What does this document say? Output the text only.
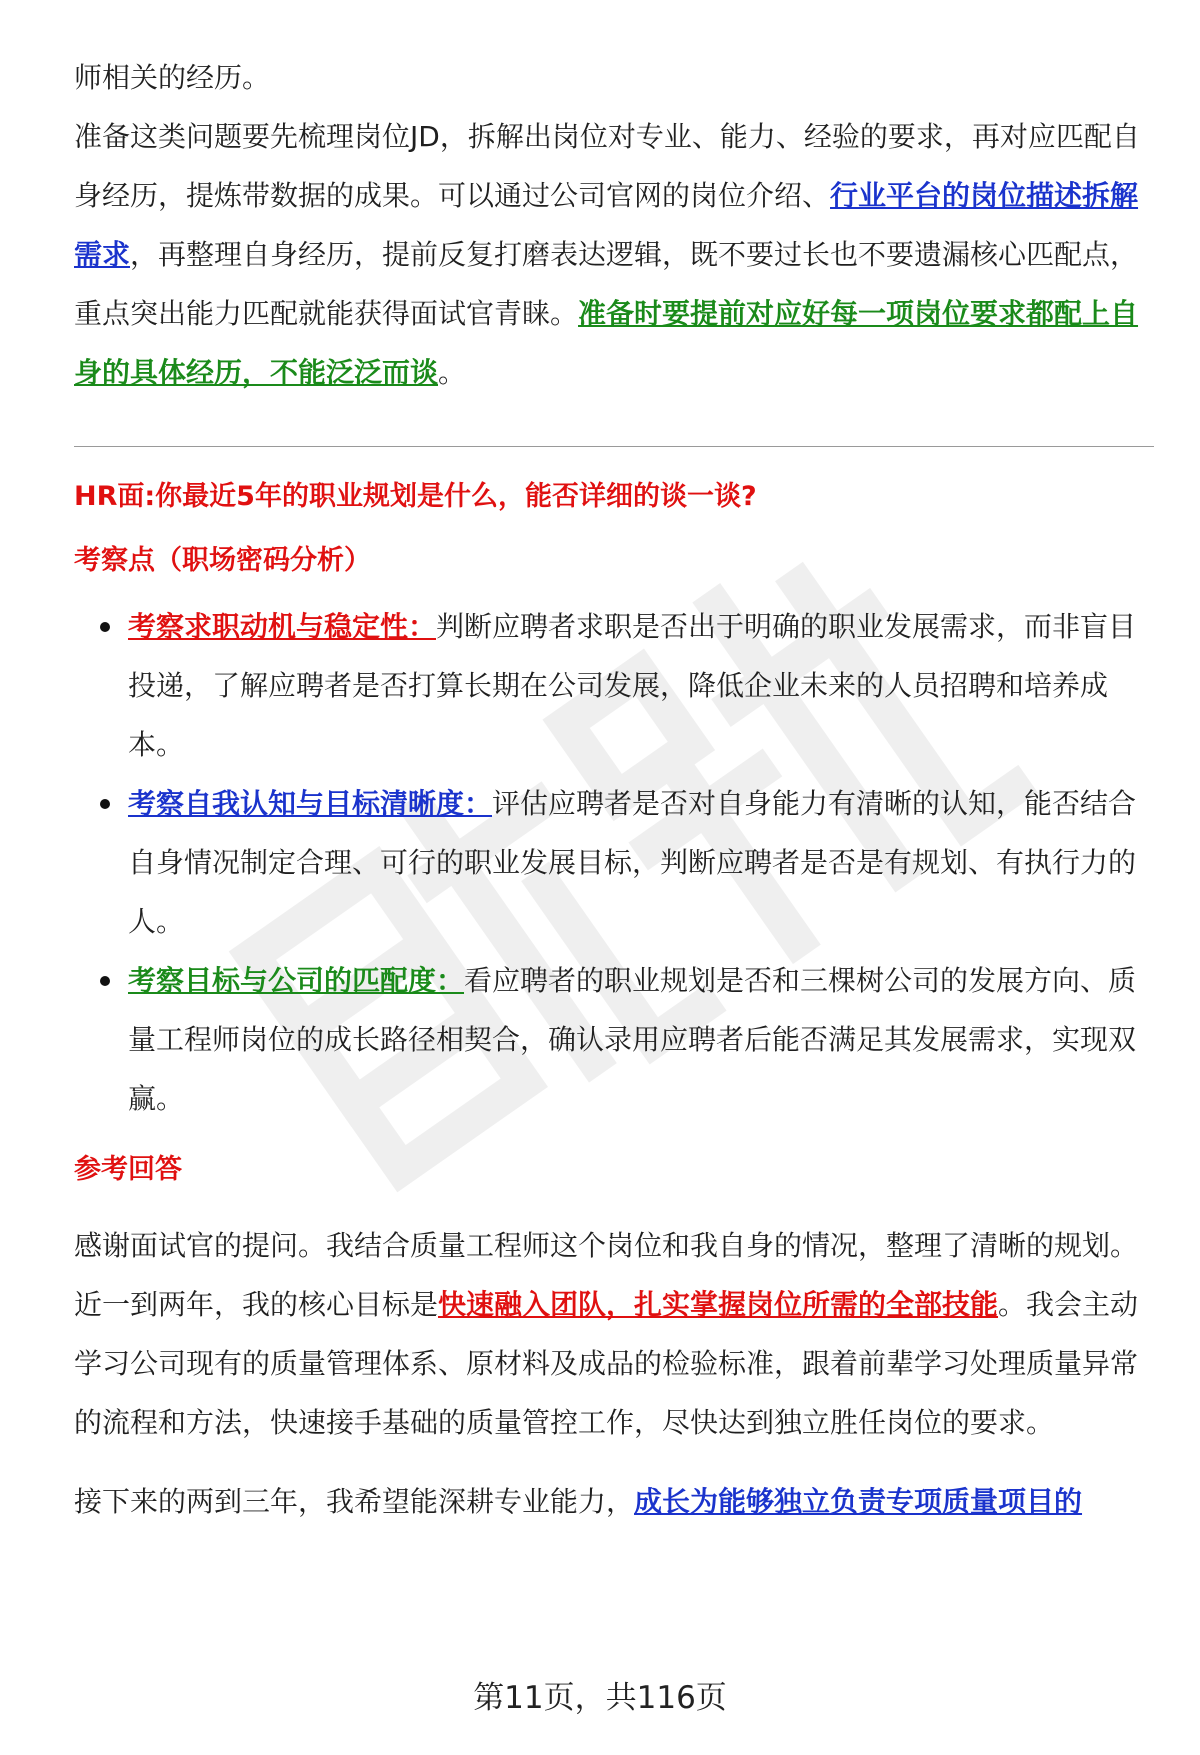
师相关的经历。

准备这类问题要先梳理岗位JD，拆解出岗位对专业、能力、经验的要求，再对应匹配自身经历，提炼带数据的成果。可以通过公司官网的岗位介绍、行业平台的岗位描述拆解需求，再整理自身经历，提前反复打磨表达逻辑，既不要过长也不要遗漏核心匹配点，重点突出能力匹配就能获得面试官青睐。准备时要提前对应好每一项岗位要求都配上自身的具体经历，不能泛泛而谈。

HR面:你最近5年的职业规划是什么，能否详细的谈一谈?

考察点（职场密码分析）

考察求职动机与稳定性：判断应聘者求职是否出于明确的职业发展需求，而非盲目投递，了解应聘者是否打算长期在公司发展，降低企业未来的人员招聘和培养成本。
考察自我认知与目标清晰度：评估应聘者是否对自身能力有清晰的认知，能否结合自身情况制定合理、可行的职业发展目标，判断应聘者是否是有规划、有执行力的人。
考察目标与公司的匹配度：看应聘者的职业规划是否和三棵树公司的发展方向、质量工程师岗位的成长路径相契合，确认录用应聘者后能否满足其发展需求，实现双赢。

参考回答

感谢面试官的提问。我结合质量工程师这个岗位和我自身的情况，整理了清晰的规划。近一到两年，我的核心目标是快速融入团队，扎实掌握岗位所需的全部技能。我会主动学习公司现有的质量管理体系、原材料及成品的检验标准，跟着前辈学习处理质量异常的流程和方法，快速接手基础的质量管控工作，尽快达到独立胜任岗位的要求。

接下来的两到三年，我希望能深耕专业能力，成长为能够独立负责专项质量项目的

第11页，共116页
